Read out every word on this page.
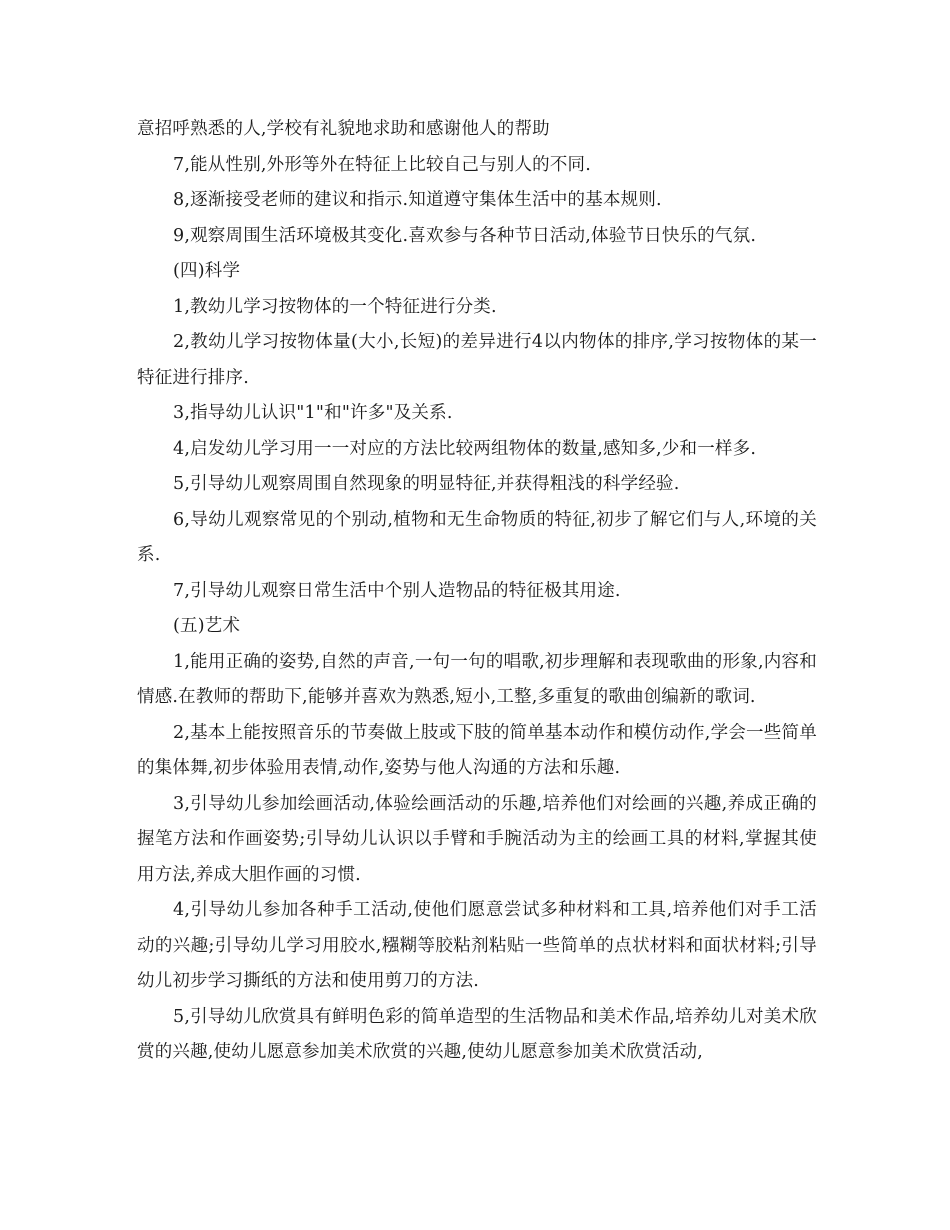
意招呼熟悉的人,学校有礼貌地求助和感谢他人的帮助

7,能从性别,外形等外在特征上比较自己与别人的不同.

8,逐渐接受老师的建议和指示.知道遵守集体生活中的基本规则.

9,观察周围生活环境极其变化.喜欢参与各种节日活动,体验节日快乐的气氛.

(四)科学

1,教幼儿学习按物体的一个特征进行分类.

2,教幼儿学习按物体量(大小,长短)的差异进行4以内物体的排序,学习按物体的某一特征进行排序.

3,指导幼儿认识"1"和"许多"及关系.

4,启发幼儿学习用一一对应的方法比较两组物体的数量,感知多,少和一样多.

5,引导幼儿观察周围自然现象的明显特征,并获得粗浅的科学经验.

6,导幼儿观察常见的个别动,植物和无生命物质的特征,初步了解它们与人,环境的关系.

7,引导幼儿观察日常生活中个别人造物品的特征极其用途.

(五)艺术

1,能用正确的姿势,自然的声音,一句一句的唱歌,初步理解和表现歌曲的形象,内容和情感.在教师的帮助下,能够并喜欢为熟悉,短小,工整,多重复的歌曲创编新的歌词.

2,基本上能按照音乐的节奏做上肢或下肢的简单基本动作和模仿动作,学会一些简单的集体舞,初步体验用表情,动作,姿势与他人沟通的方法和乐趣.

3,引导幼儿参加绘画活动,体验绘画活动的乐趣,培养他们对绘画的兴趣,养成正确的握笔方法和作画姿势;引导幼儿认识以手臂和手腕活动为主的绘画工具的材料,掌握其使用方法,养成大胆作画的习惯.

4,引导幼儿参加各种手工活动,使他们愿意尝试多种材料和工具,培养他们对手工活动的兴趣;引导幼儿学习用胶水,糨糊等胶粘剂粘贴一些简单的点状材料和面状材料;引导幼儿初步学习撕纸的方法和使用剪刀的方法.

5,引导幼儿欣赏具有鲜明色彩的简单造型的生活物品和美术作品,培养幼儿对美术欣赏的兴趣,使幼儿愿意参加美术欣赏的兴趣,使幼儿愿意参加美术欣赏活动,
